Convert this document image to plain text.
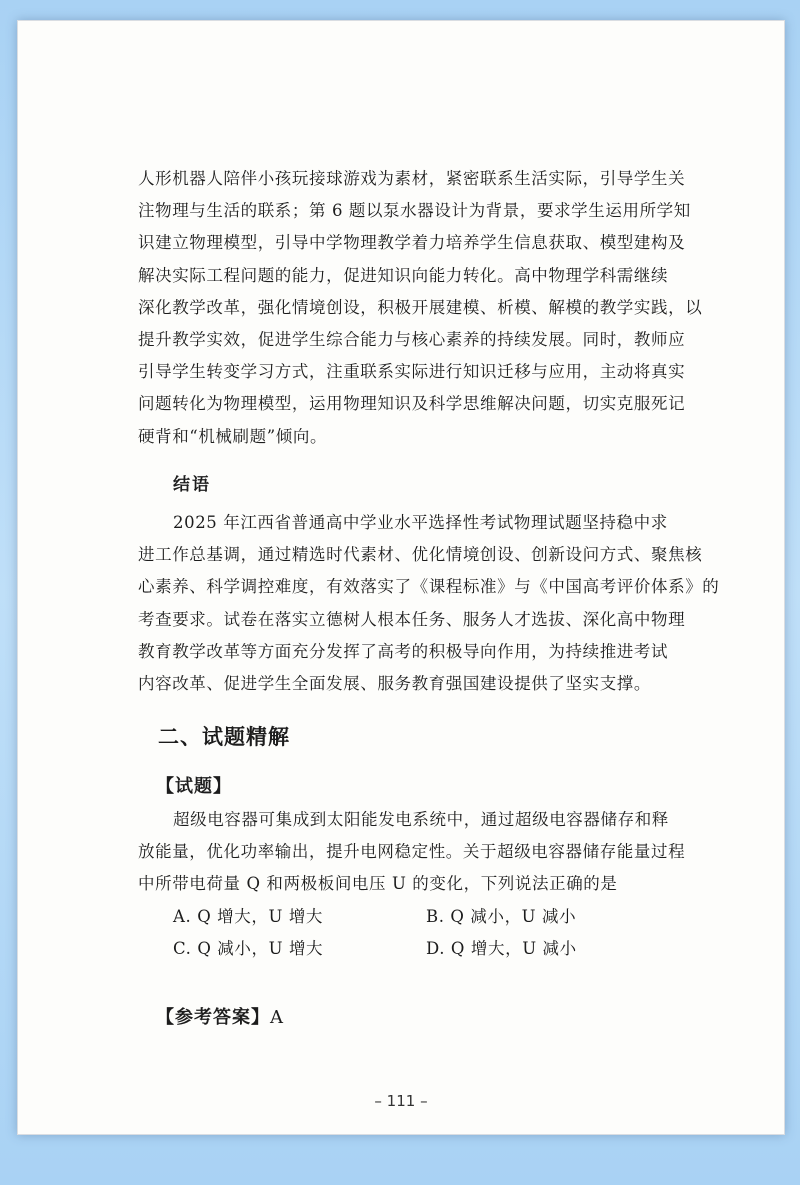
人形机器人陪伴小孩玩接球游戏为素材，紧密联系生活实际，引导学生关
注物理与生活的联系；第 6 题以泵水器设计为背景，要求学生运用所学知
识建立物理模型，引导中学物理教学着力培养学生信息获取、模型建构及
解决实际工程问题的能力，促进知识向能力转化。高中物理学科需继续
深化教学改革，强化情境创设，积极开展建模、析模、解模的教学实践，以
提升教学实效，促进学生综合能力与核心素养的持续发展。同时，教师应
引导学生转变学习方式，注重联系实际进行知识迁移与应用，主动将真实
问题转化为物理模型，运用物理知识及科学思维解决问题，切实克服死记
硬背和“机械刷题”倾向。
结语
2025 年江西省普通高中学业水平选择性考试物理试题坚持稳中求
进工作总基调，通过精选时代素材、优化情境创设、创新设问方式、聚焦核
心素养、科学调控难度，有效落实了《课程标准》与《中国高考评价体系》的
考查要求。试卷在落实立德树人根本任务、服务人才选拔、深化高中物理
教育教学改革等方面充分发挥了高考的积极导向作用，为持续推进考试
内容改革、促进学生全面发展、服务教育强国建设提供了坚实支撑。
二、试题精解
【试题】
超级电容器可集成到太阳能发电系统中，通过超级电容器储存和释
放能量，优化功率输出，提升电网稳定性。关于超级电容器储存能量过程
中所带电荷量 Q 和两极板间电压 U 的变化，下列说法正确的是
A. Q 增大，U 增大	B. Q 减小，U 减小
C. Q 减小，U 增大	D. Q 增大，U 减小
【参考答案】A
– 111 –
